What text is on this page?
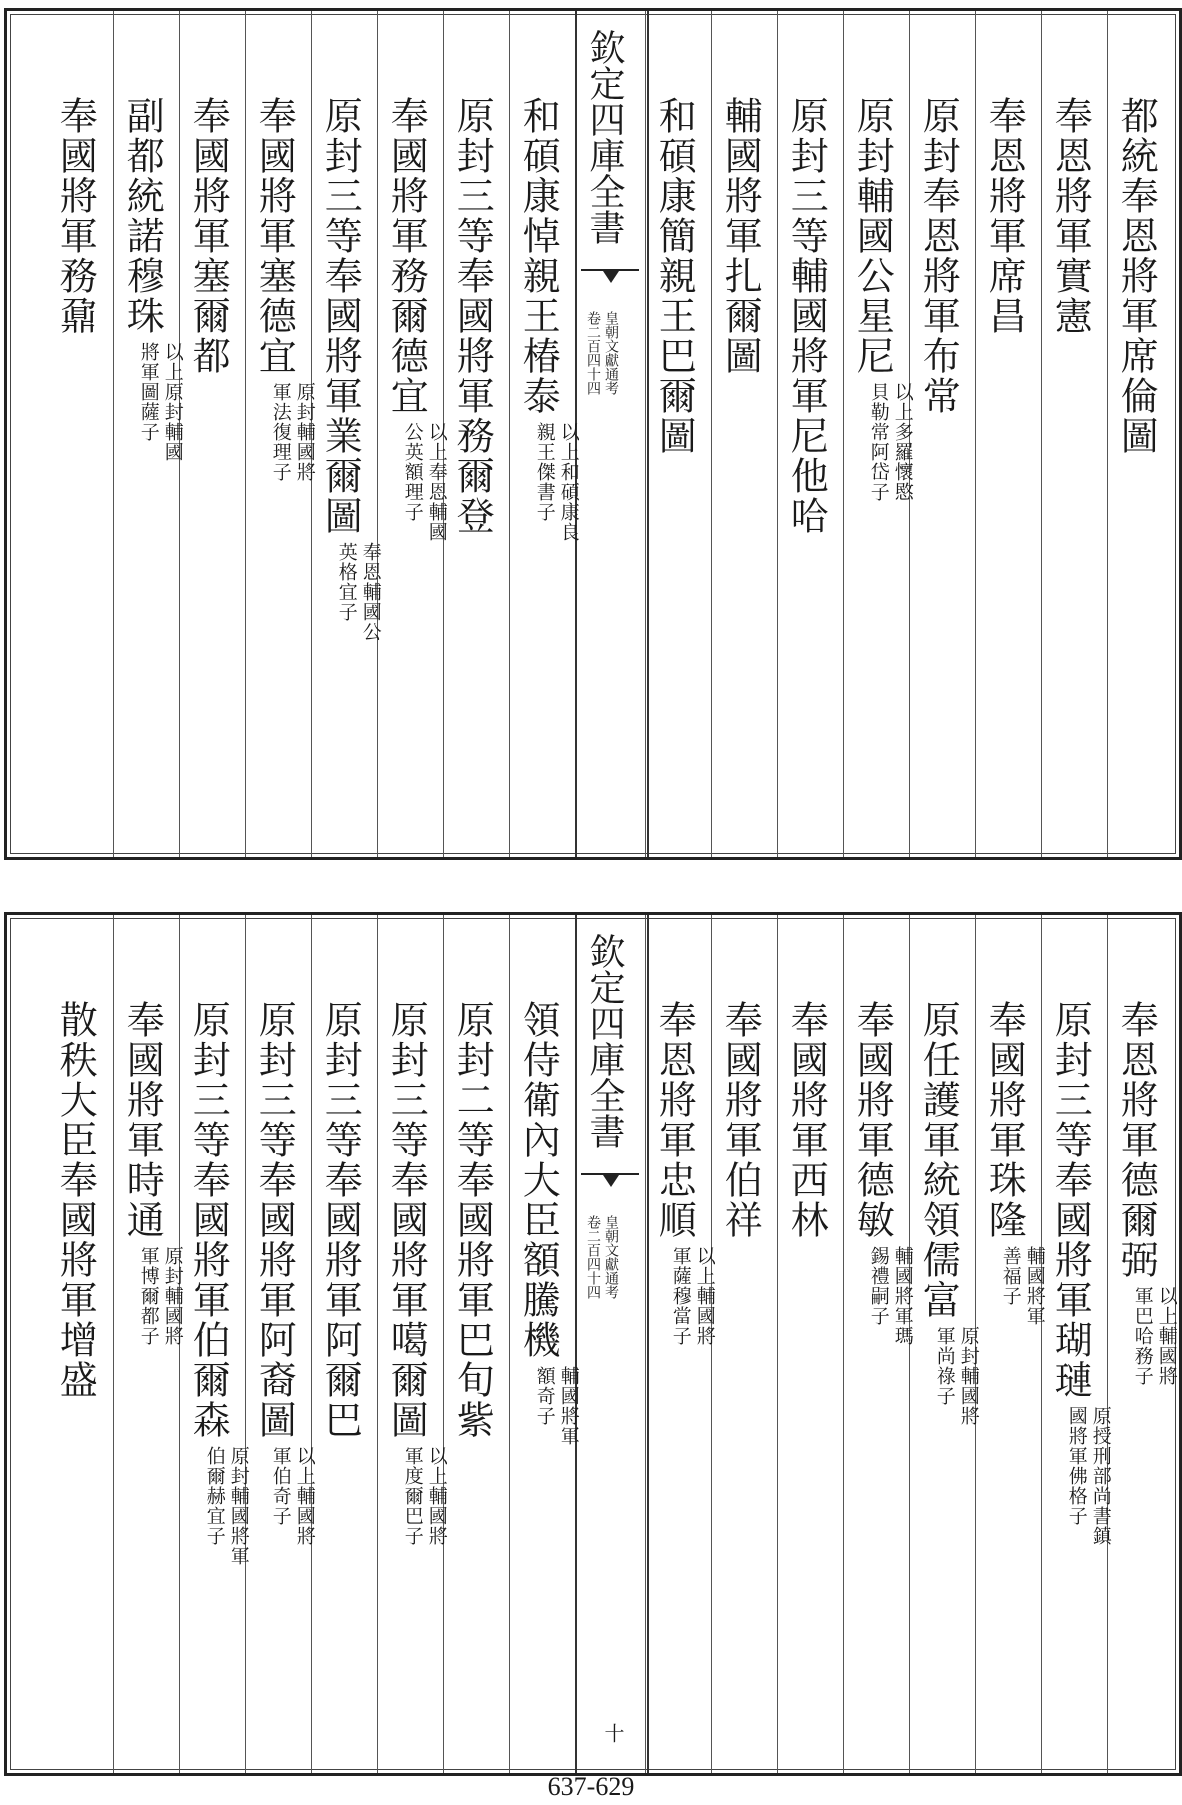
都統奉恩將軍席倫圖
奉恩將軍實憲
奉恩將軍席昌
原封奉恩將軍布常
原封輔國公星尼
以上多羅懷愍
貝勒常阿岱子
原封三等輔國將軍尼他哈
輔國將軍扎爾圖
和碩康簡親王巴爾圖
欽定四庫全書
皇朝文獻通考
卷二百四十四
和碩康悼親王椿泰
以上和碩康良
親王傑書子
原封三等奉國將軍務爾登
奉國將軍務爾德宜
以上奉恩輔國
公英額理子
原封三等奉國將軍業爾圖
奉恩輔國公
英格宜子
奉國將軍塞德宜
原封輔國將
軍法復理子
奉國將軍塞爾都
副都統諾穆珠
以上原封輔國
將軍圖薩子
奉國將軍務鼐
奉恩將軍德爾弼
以上輔國將
軍巴哈務子
原封三等奉國將軍瑚璉
原授刑部尚書鎮
國將軍佛格子
奉國將軍珠隆
輔國將軍
善福子
原任護軍統領儒富
原封輔國將
軍尚祿子
奉國將軍德敏
輔國將軍瑪
錫禮嗣子
奉國將軍西林
奉國將軍伯祥
奉恩將軍忠順
以上輔國將
軍薩穆當子
欽定四庫全書
皇朝文獻通考
卷二百四十四
十
領侍衛內大臣額騰機
輔國將軍
額奇子
原封二等奉國將軍巴旬紫
原封三等奉國將軍噶爾圖
以上輔國將
軍度爾巴子
原封三等奉國將軍阿爾巴
原封三等奉國將軍阿裔圖
以上輔國將
軍伯奇子
原封三等奉國將軍伯爾森
原封輔國將軍
伯爾赫宜子
奉國將軍時通
原封輔國將
軍博爾都子
散秩大臣奉國將軍增盛
637-629
